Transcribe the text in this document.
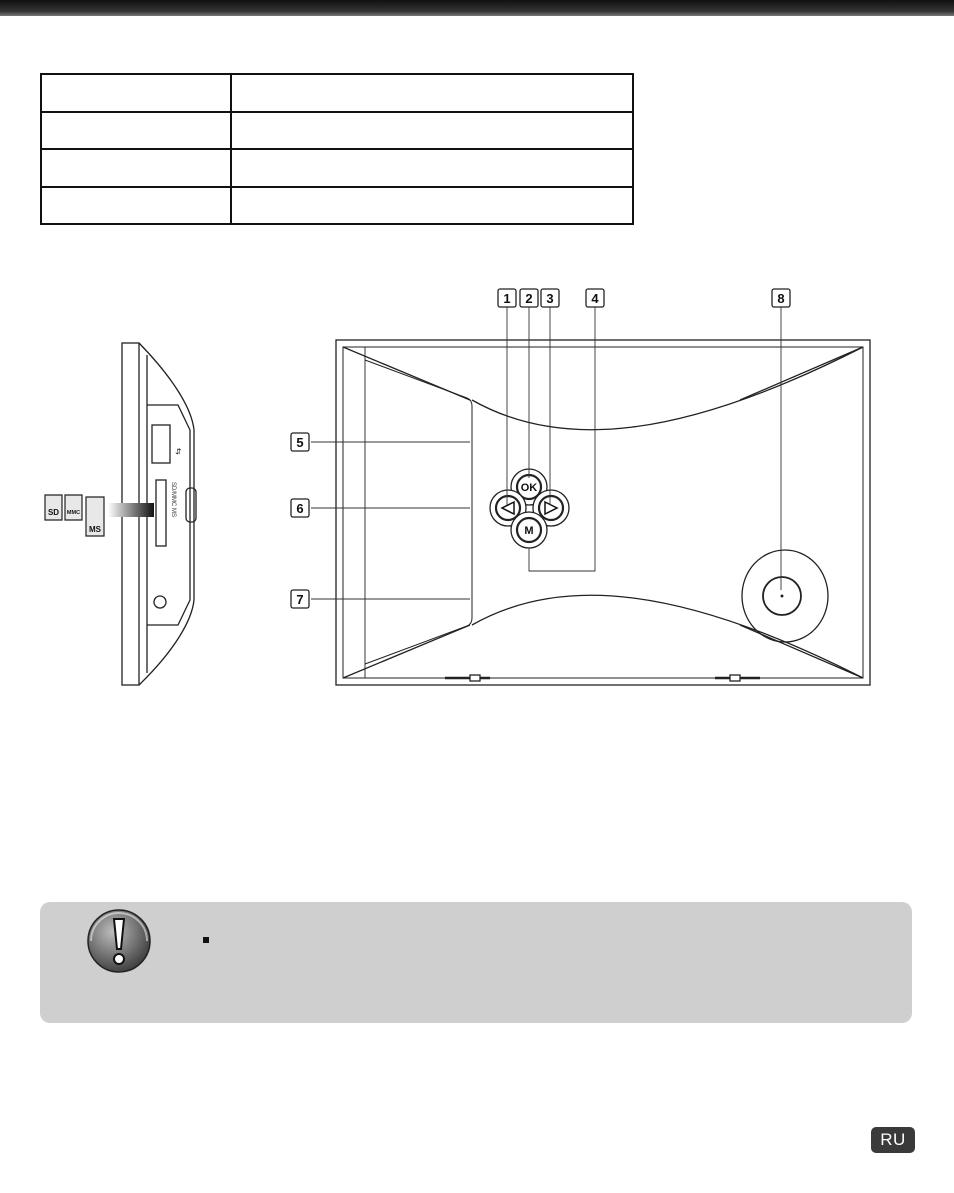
⇆
SD/MMC MS
SD MMC
MS
OK
M
1 2 3	4
5
6
7
8
RU
